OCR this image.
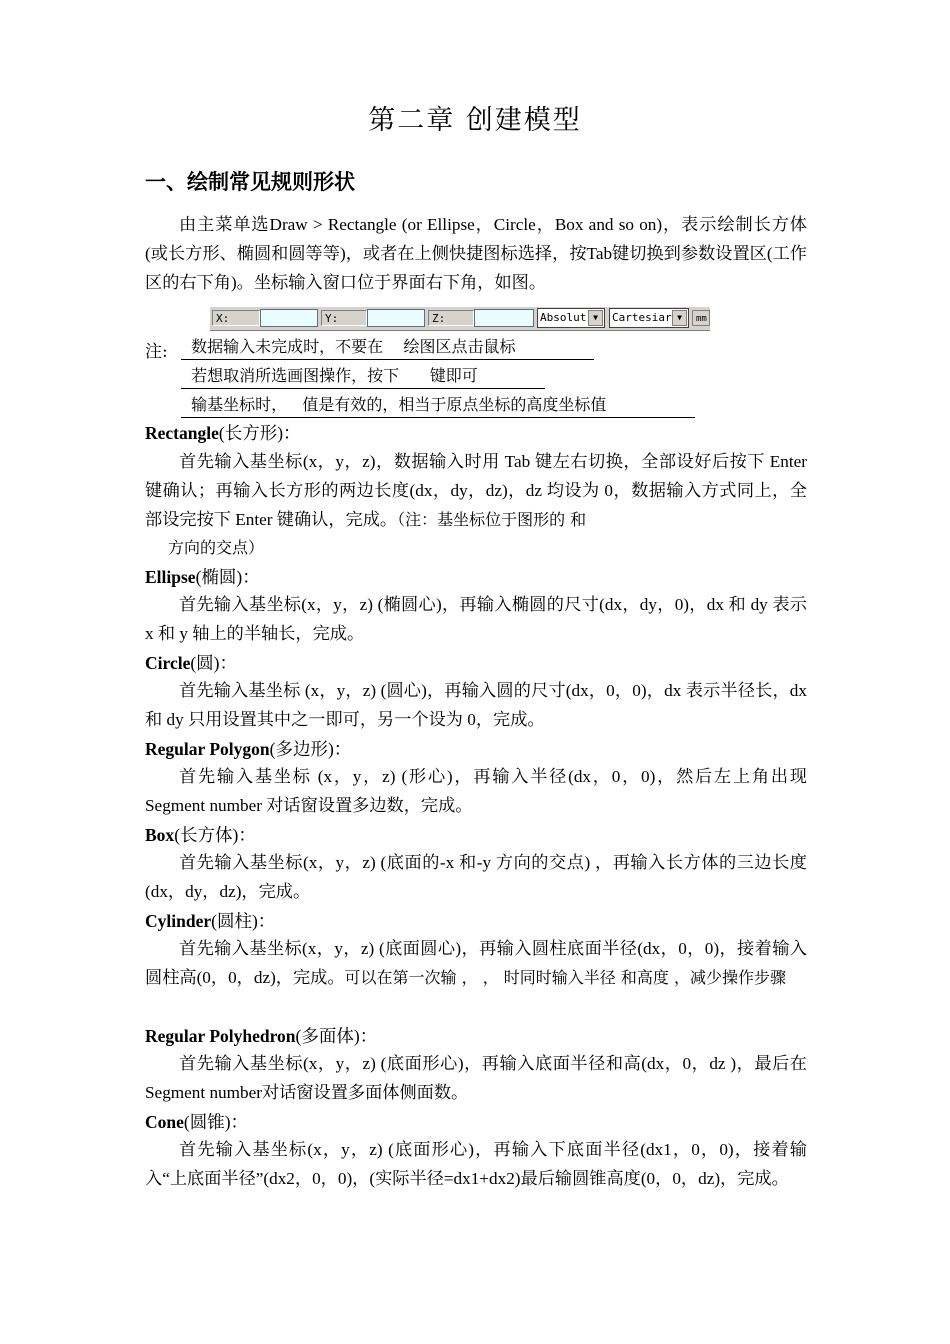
第二章 创建模型
一、绘制常见规则形状
由主菜单选Draw > Rectangle (or Ellipse，Circle，Box and so on)，表示绘制长方体(或长方形、椭圆和圆等等)，或者在上侧快捷图标选择，按Tab键切换到参数设置区(工作区的右下角)。坐标输入窗口位于界面右下角，如图。
X:	Y:	Z:	Absolut ▼	Cartesiar ▼	mm
注: 数据输入未完成时，不要在    绘图区点击鼠标
若想取消所选画图操作，按下      键即可
输基坐标时，   值是有效的，相当于原点坐标的高度坐标值
Rectangle(长方形)：
首先输入基坐标(x，y，z)，数据输入时用 Tab 键左右切换，全部设好后按下 Enter 键确认；再输入长方形的两边长度(dx，dy，dz)，dz 均设为 0，数据输入方式同上，全部设完按下 Enter 键确认，完成。（注：基坐标位于图形的 和
方向的交点）
Ellipse(椭圆)：
首先输入基坐标(x，y，z) (椭圆心)，再输入椭圆的尺寸(dx，dy，0)，dx 和 dy 表示 x 和 y 轴上的半轴长，完成。
Circle(圆)：
首先输入基坐标 (x，y，z) (圆心)，再输入圆的尺寸(dx，0，0)，dx 表示半径长，dx 和 dy 只用设置其中之一即可，另一个设为 0，完成。
Regular Polygon(多边形)：
首先输入基坐标 (x，y，z) (形心)，再输入半径(dx，0，0)，然后左上角出现 Segment number 对话窗设置多边数，完成。
Box(长方体)：
首先输入基坐标(x，y，z) (底面的-x 和-y 方向的交点) ，再输入长方体的三边长度(dx，dy，dz)，完成。
Cylinder(圆柱)：
首先输入基坐标(x，y，z) (底面圆心)，再输入圆柱底面半径(dx，0，0)，接着输入圆柱高(0，0，dz)，完成。可以在第一次输 ， ， 时同时输入半径 和高度 ，减少操作步骤
Regular Polyhedron(多面体)：
首先输入基坐标(x，y，z) (底面形心)，再输入底面半径和高(dx，0，dz )，最后在Segment number对话窗设置多面体侧面数。
Cone(圆锥)：
首先输入基坐标(x，y，z) (底面形心)，再输入下底面半径(dx1，0，0)，接着输入“上底面半径”(dx2，0，0)，(实际半径=dx1+dx2)最后输圆锥高度(0，0，dz)，完成。
